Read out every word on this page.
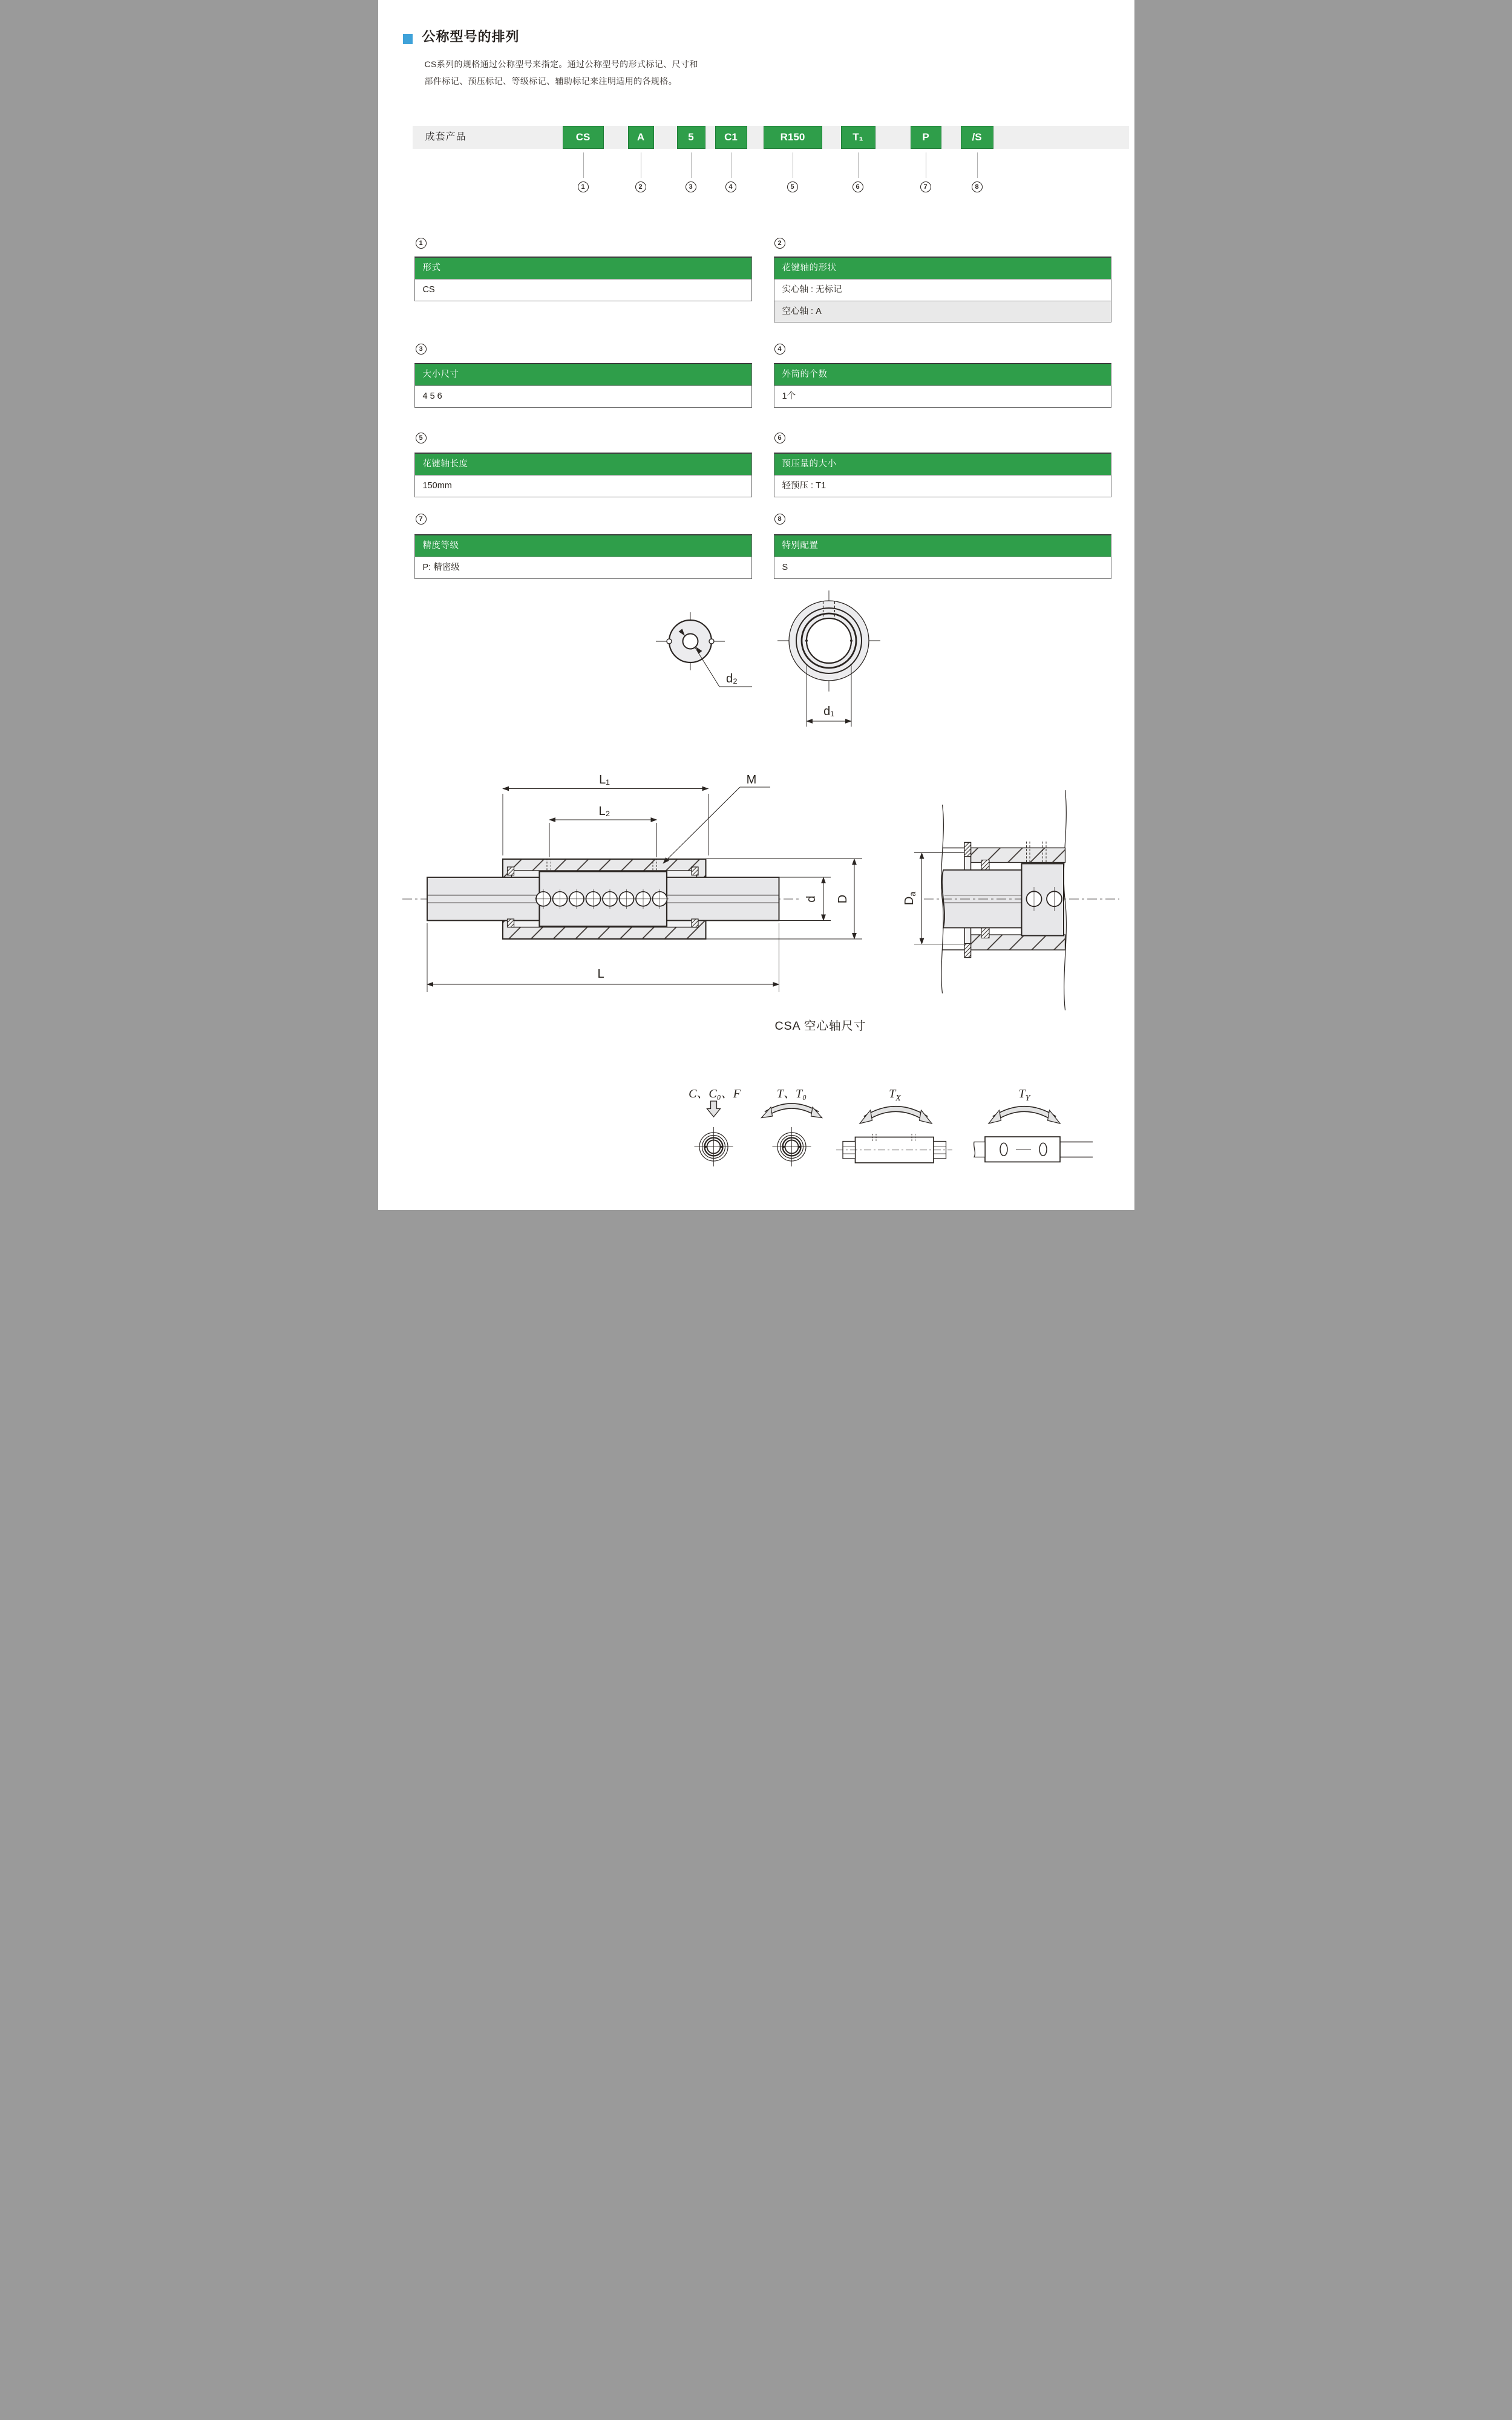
公称型号的排列

CS系列的规格通过公称型号来指定。通过公称型号的形式标记、尺寸和

部件标记、预压标记、等级标记、辅助标记来注明适用的各规格。

成套产品	CS	A	5	C1	R150	T₁	P	/S
1	2	3	4	5	6	7	8
1
形式
CS
2
花键轴的形状
实心轴 : 无标记
空心轴 : A
3
大小尺寸
4 5 6
4
外筒的个数
1个
5
花键轴长度
150mm
6
预压量的大小
轻预压 : T1
7
精度等级
P: 精密级
8
特别配置
S
d₂
d₁
L₁
L₂
M
d D
L
$D_a$
CSA 空心轴尺寸
C、C₀、F	T、T₀	$T_X$	$T_Y$
